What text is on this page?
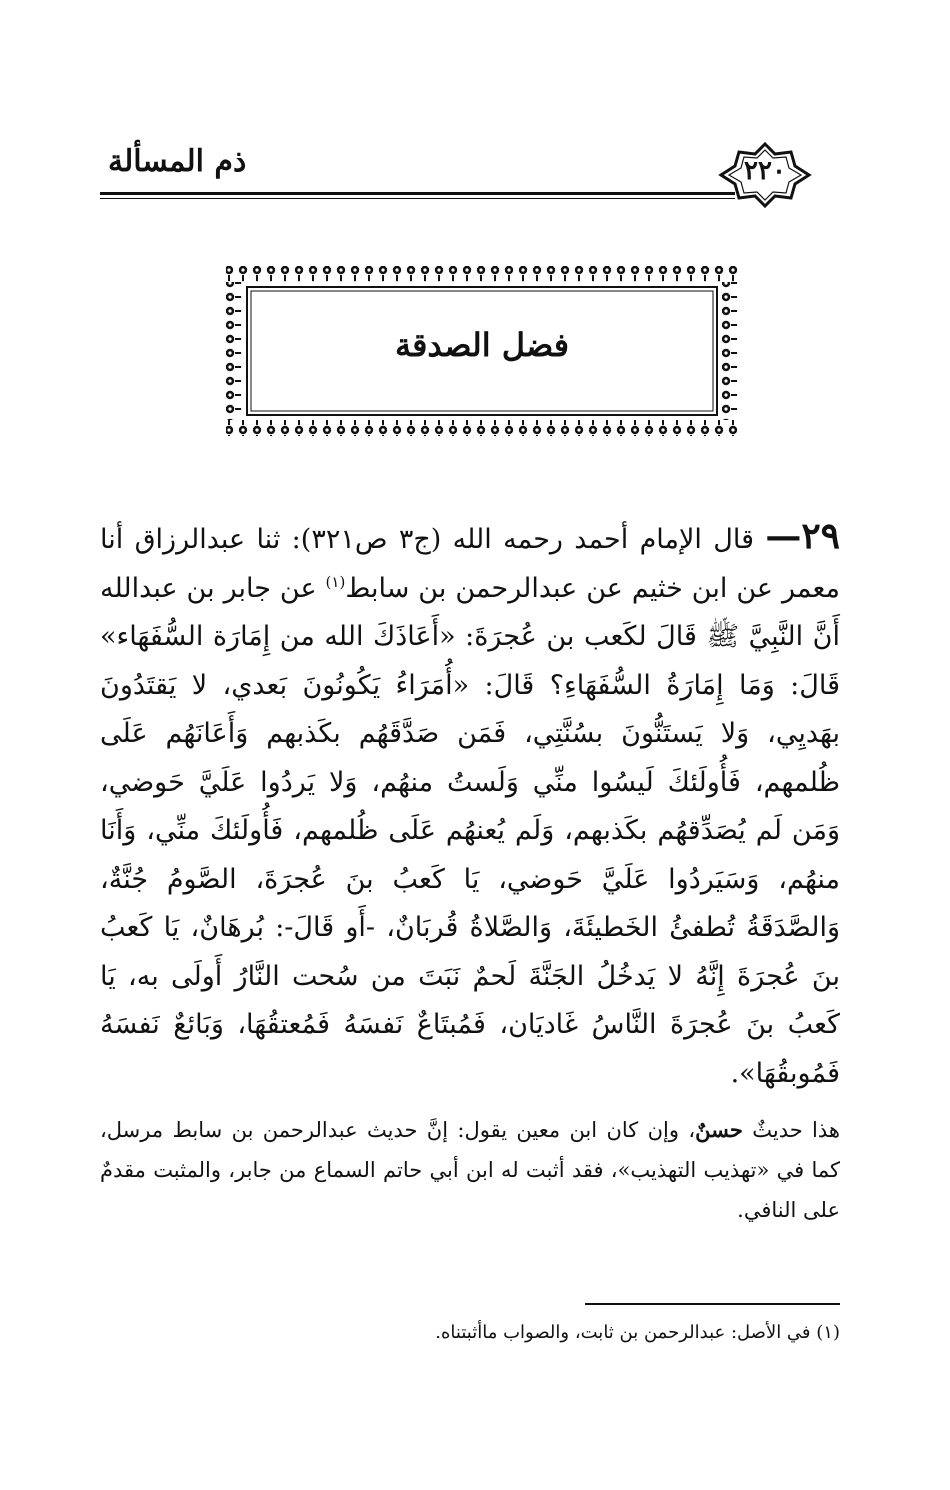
ذم المسألة	٢٢٠
فضل الصدقة
٢٩— قال الإمام أحمد رحمه الله (ج٣ ص٣٢١): ثنا عبدالرزاق أنا معمر عن ابن خثيم عن عبدالرحمن بن سابط$^{(١)}$ عن جابر بن عبدالله أَنَّ النَّبِيَّ ﷺ قَالَ لكَعب بن عُجرَةَ: «أَعَاذَكَ الله من إِمَارَة السُّفَهَاء» قَالَ: وَمَا إِمَارَةُ السُّفَهَاءِ؟ قَالَ: «أُمَرَاءُ يَكُونُونَ بَعدي، لا يَقتَدُونَ بهَديِي، وَلا يَستَنُّونَ بسُنَّتِي، فَمَن صَدَّقَهُم بكَذبهم وَأَعَانَهُم عَلَى ظُلمهم، فَأُولَئكَ لَيسُوا منِّي وَلَستُ منهُم، وَلا يَردُوا عَلَيَّ حَوضي، وَمَن لَم يُصَدِّقهُم بكَذبهم، وَلَم يُعنهُم عَلَى ظُلمهم، فَأُولَئكَ منِّي، وَأَنَا منهُم، وَسَيَردُوا عَلَيَّ حَوضي، يَا كَعبُ بنَ عُجرَةَ، الصَّومُ جُنَّةٌ، وَالصَّدَقَةُ تُطفئُ الخَطيئَةَ، وَالصَّلاةُ قُربَانٌ، -أَو قَالَ-: بُرهَانٌ، يَا كَعبُ بنَ عُجرَةَ إِنَّهُ لا يَدخُلُ الجَنَّةَ لَحمٌ نَبَتَ من سُحت النَّارُ أَولَى به، يَا كَعبُ بنَ عُجرَةَ النَّاسُ غَاديَان، فَمُبتَاعٌ نَفسَهُ فَمُعتقُهَا، وَبَائعٌ نَفسَهُ فَمُوبقُهَا».
هذا حديثٌ حسنٌ، وإن كان ابن معين يقول: إنَّ حديث عبدالرحمن بن سابط مرسل، كما في «تهذيب التهذيب»، فقد أثبت له ابن أبي حاتم السماع من جابر، والمثبت مقدمٌ على النافي.
(١) في الأصل: عبدالرحمن بن ثابت، والصواب ماأثبتناه.
